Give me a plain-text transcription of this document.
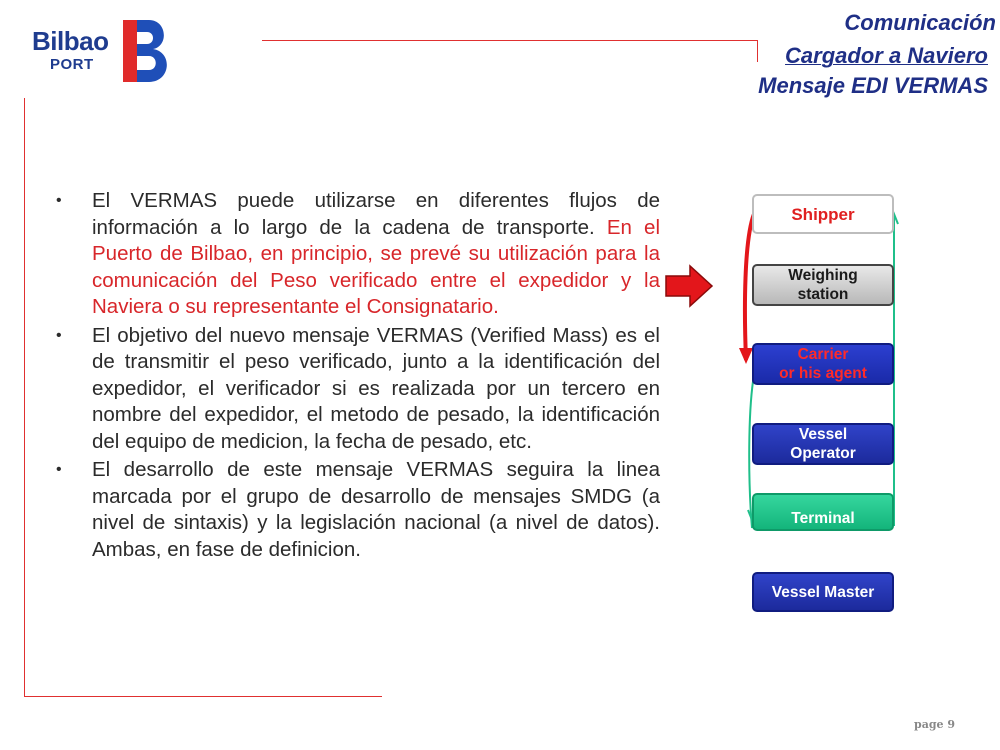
Bilbao
PORT
Comunicación
Cargador a Naviero
Mensaje EDI VERMAS
• El VERMAS puede utilizarse en diferentes flujos de información a lo largo de la cadena de transporte. En el Puerto de Bilbao, en principio, se prevé su utilización para la comunicación del Peso verificado entre el expedidor y la Naviera o su representante el Consignatario.
• El objetivo del nuevo mensaje VERMAS (Verified Mass) es el de transmitir el peso verificado, junto a la identificación del expedidor, el verificador si es realizada por un tercero en nombre del expedidor, el metodo de pesado, la identificación del equipo de medicion, la fecha de pesado, etc.
• El desarrollo de este mensaje VERMAS seguira la linea marcada por el grupo de desarrollo de mensajes SMDG (a nivel de sintaxis) y la legislación nacional (a nivel de datos). Ambas, en fase de definicion.
Shipper
Weighing
station
Carrier
or his agent
Vessel
Operator
Terminal
Vessel Master
page 9
